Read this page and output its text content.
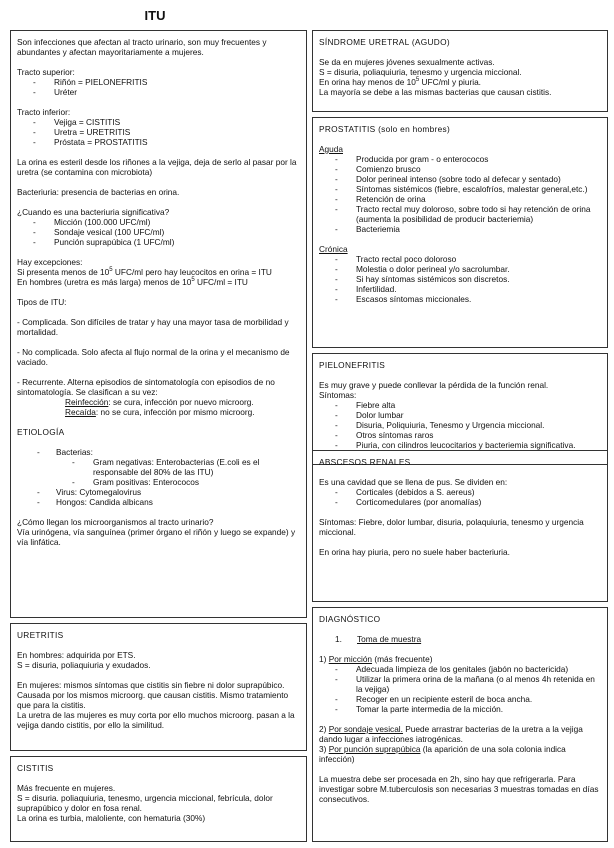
ITU

Son infecciones que afectan al tracto urinario, son muy frecuentes y abundantes y afectan mayoritariamente a mujeres.

Tracto superior:

- Riñón = PIELONEFRITIS
- Uréter

Tracto inferior:

- Vejiga = CISTITIS
- Uretra = URETRITIS
- Próstata = PROSTATITIS

La orina es esteril desde los riñones a la vejiga, deja de serlo al pasar por la uretra (se contamina con microbiota)

Bacteriuria: presencia de bacterias en orina.

¿Cuando es una bacteriuria significativa?

- Micción (100.000 UFC/ml)
- Sondaje vesical (100 UFC/ml)
- Punción suprapúbica (1 UFC/ml)

Hay excepciones:

Si presenta menos de $10^5$ UFC/ml pero hay leucocitos en orina = ITU

En hombres (uretra es más larga) menos de $10^5$ UFC/ml = ITU

Tipos de ITU:

- Complicada. Son difíciles de tratar y hay una mayor tasa de morbilidad y mortalidad.

- No complicada. Solo afecta al flujo normal de la orina y el mecanismo de vaciado.

- Recurrente. Alterna episodios de sintomatología con episodios de no sintomatología. Se clasifican a su vez:

- Reinfección: se cura, infección por nuevo microorg.
- Recaída: no se cura, infección por mismo microorg.

ETIOLOGÍA

- Bacterias:
- Gram negativas: Enterobacterias (E.coli es el responsable del 80% de las ITU)
- Gram positivas: Enterococos
- Virus: Cytomegalovirus
- Hongos: Candida albicans

¿Cómo llegan los microorganismos al tracto urinario?

Vía urinógena, vía sanguínea (primer órgano el riñón y luego se expande) y vía linfática.

URETRITIS

En hombres: adquirida por ETS.

S = disuria, poliaquiuria y exudados.

En mujeres: mismos síntomas que cistitis sin fiebre ni dolor suprapúbico. Causada por los mismos microorg. que causan cistitis. Mismo tratamiento que para la cistitis.

La uretra de las mujeres es muy corta por ello muchos microorg. pasan a la vejiga dando cistitis, por ello la similitud.

CISTITIS

Más frecuente en mujeres.

S = disuria. poliaquiuria, tenesmo, urgencia miccional, febrícula, dolor suprapúbico y dolor en fosa renal.

La orina es turbia, maloliente, con hematuria (30%)

SÍNDROME URETRAL (AGUDO)

Se da en mujeres jóvenes sexualmente activas.

S = disuria, poliaquiuria, tenesmo y urgencia miccional.

En orina hay menos de $10^5$ UFC/ml y piuria.

La mayoría se debe a las mismas bacterias que causan cistitis.

PROSTATITIS (solo en hombres)

Aguda

- Producida por gram - o enterococos
- Comienzo brusco
- Dolor perineal intenso (sobre todo al defecar y sentado)
- Síntomas sistémicos (fiebre, escalofríos, malestar general,etc.)
- Retención de orina
- Tracto rectal muy doloroso, sobre todo si hay retención de orina (aumenta la posibilidad de producir bacteriemia)
- Bacteriemia

Crónica

- Tracto rectal poco doloroso
- Molestia o dolor perineal y/o sacrolumbar.
- Si hay síntomas sistémicos son discretos.
- Infertilidad.
- Escasos síntomas miccionales.

PIELONEFRITIS

Es muy grave y puede conllevar la pérdida de la función renal.

Síntomas:

- Fiebre alta
- Dolor lumbar
- Disuria, Poliquiuria, Tenesmo y Urgencia miccional.
- Otros síntomas raros
- Piuria, con cilindros leucocitarios y bacteriemia significativa.

ABSCESOS RENALES

Es una cavidad que se llena de pus. Se dividen en:

- Corticales (debidos a S. aereus)
- Corticomedulares (por anomalías)

Síntomas: Fiebre, dolor lumbar, disuria, polaquiuria, tenesmo y urgencia miccional.

En orina hay piuria, pero no suele haber bacteriuria.

DIAGNÓSTICO

1. Toma de muestra

1) Por micción (más frecuente)

- Adecuada limpieza de los genitales (jabón no bactericida)
- Utilizar la primera orina de la mañana (o al menos 4h retenida en la vejiga)
- Recoger en un recipiente esteril de boca ancha.
- Tomar la parte intermedia de la micción.

2) Por sondaje vesical. Puede arrastrar bacterias de la uretra a la vejiga dando lugar a infecciones iatrogénicas.

3) Por punción suprapúbica (la aparición de una sola colonia indica infección)

La muestra debe ser procesada en 2h, sino hay que refrigerarla. Para investigar sobre M.tuberculosis son necesarias 3 muestras tomadas en días consecutivos.
